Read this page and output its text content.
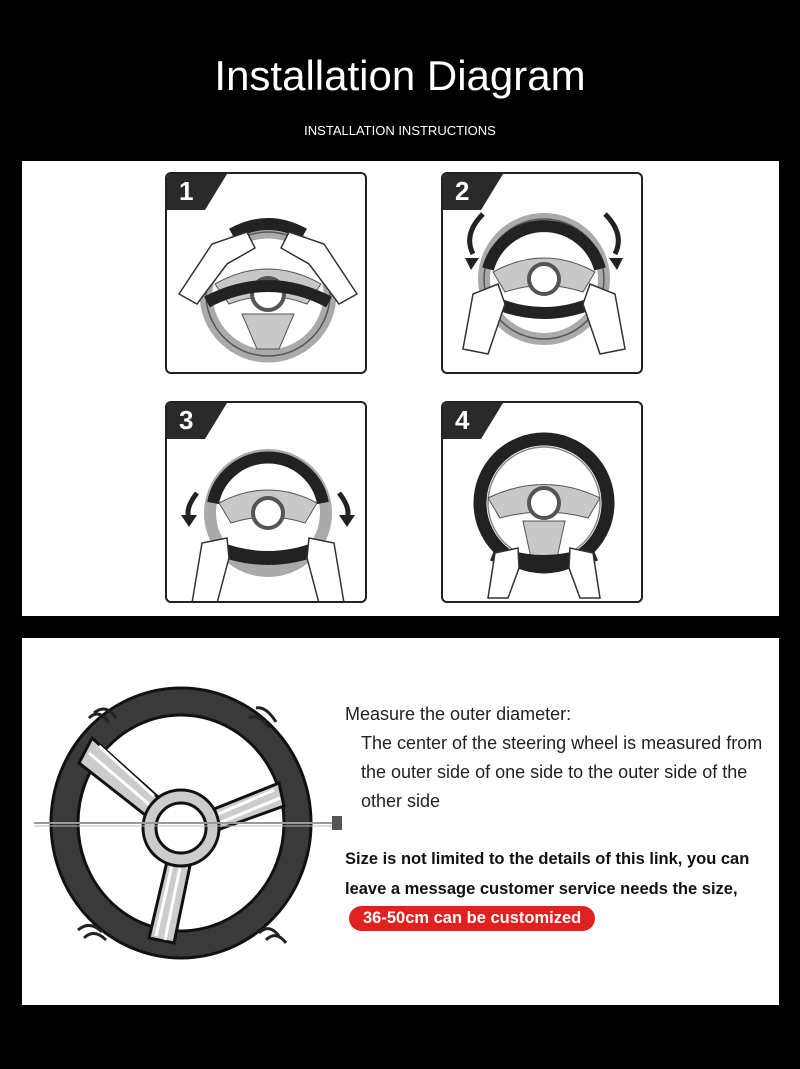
Installation Diagram
INSTALLATION INSTRUCTIONS
1	2
3	4

Measure the outer diameter:

The center of the steering wheel is measured from the outer side of one side to the outer side of the other side

Size is not limited to the details of this link, you can leave a message customer service needs the size, 36-50cm can be customized
